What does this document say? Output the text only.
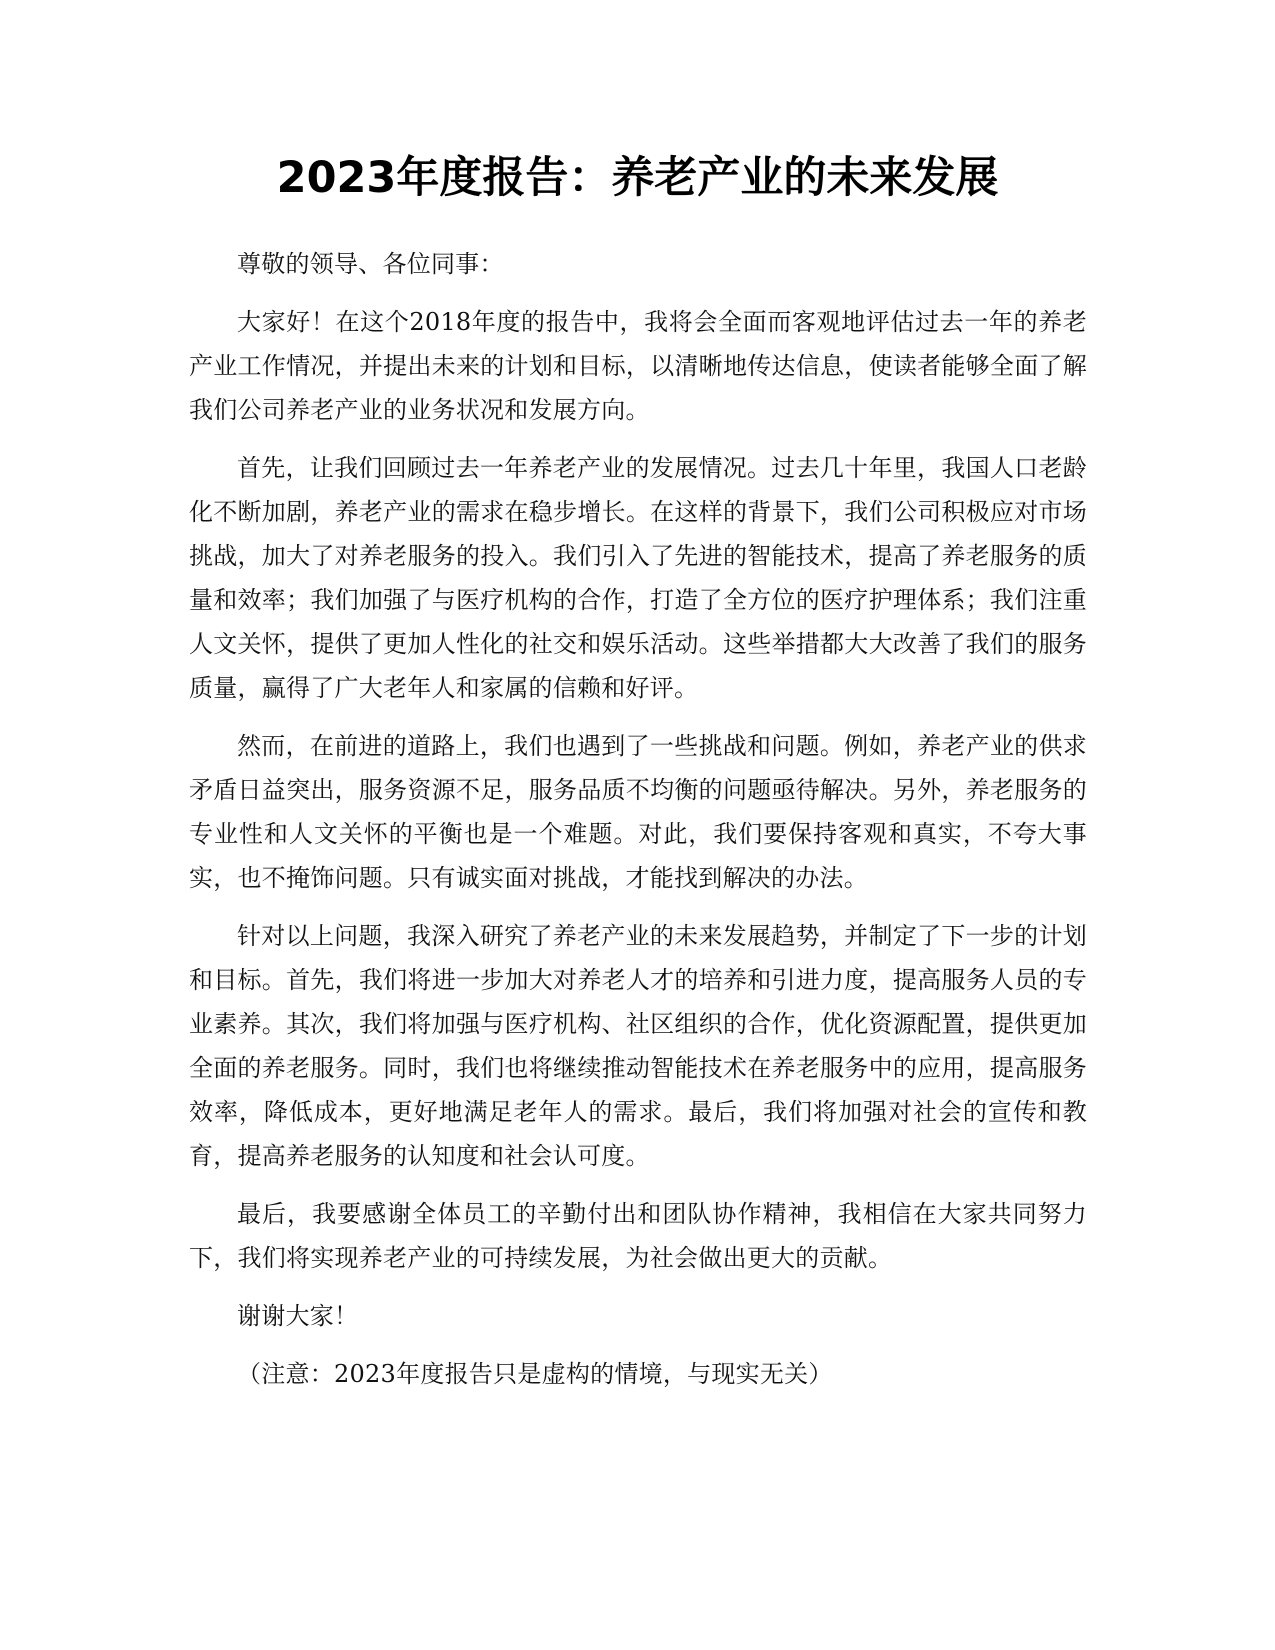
2023年度报告：养老产业的未来发展

尊敬的领导、各位同事：

大家好！在这个2018年度的报告中，我将会全面而客观地评估过去一年的养老产业工作情况，并提出未来的计划和目标，以清晰地传达信息，使读者能够全面了解我们公司养老产业的业务状况和发展方向。

首先，让我们回顾过去一年养老产业的发展情况。过去几十年里，我国人口老龄化不断加剧，养老产业的需求在稳步增长。在这样的背景下，我们公司积极应对市场挑战，加大了对养老服务的投入。我们引入了先进的智能技术，提高了养老服务的质量和效率；我们加强了与医疗机构的合作，打造了全方位的医疗护理体系；我们注重人文关怀，提供了更加人性化的社交和娱乐活动。这些举措都大大改善了我们的服务质量，赢得了广大老年人和家属的信赖和好评。

然而，在前进的道路上，我们也遇到了一些挑战和问题。例如，养老产业的供求矛盾日益突出，服务资源不足，服务品质不均衡的问题亟待解决。另外，养老服务的专业性和人文关怀的平衡也是一个难题。对此，我们要保持客观和真实，不夸大事实，也不掩饰问题。只有诚实面对挑战，才能找到解决的办法。

针对以上问题，我深入研究了养老产业的未来发展趋势，并制定了下一步的计划和目标。首先，我们将进一步加大对养老人才的培养和引进力度，提高服务人员的专业素养。其次，我们将加强与医疗机构、社区组织的合作，优化资源配置，提供更加全面的养老服务。同时，我们也将继续推动智能技术在养老服务中的应用，提高服务效率，降低成本，更好地满足老年人的需求。最后，我们将加强对社会的宣传和教育，提高养老服务的认知度和社会认可度。

最后，我要感谢全体员工的辛勤付出和团队协作精神，我相信在大家共同努力下，我们将实现养老产业的可持续发展，为社会做出更大的贡献。

谢谢大家！

（注意：2023年度报告只是虚构的情境，与现实无关）
